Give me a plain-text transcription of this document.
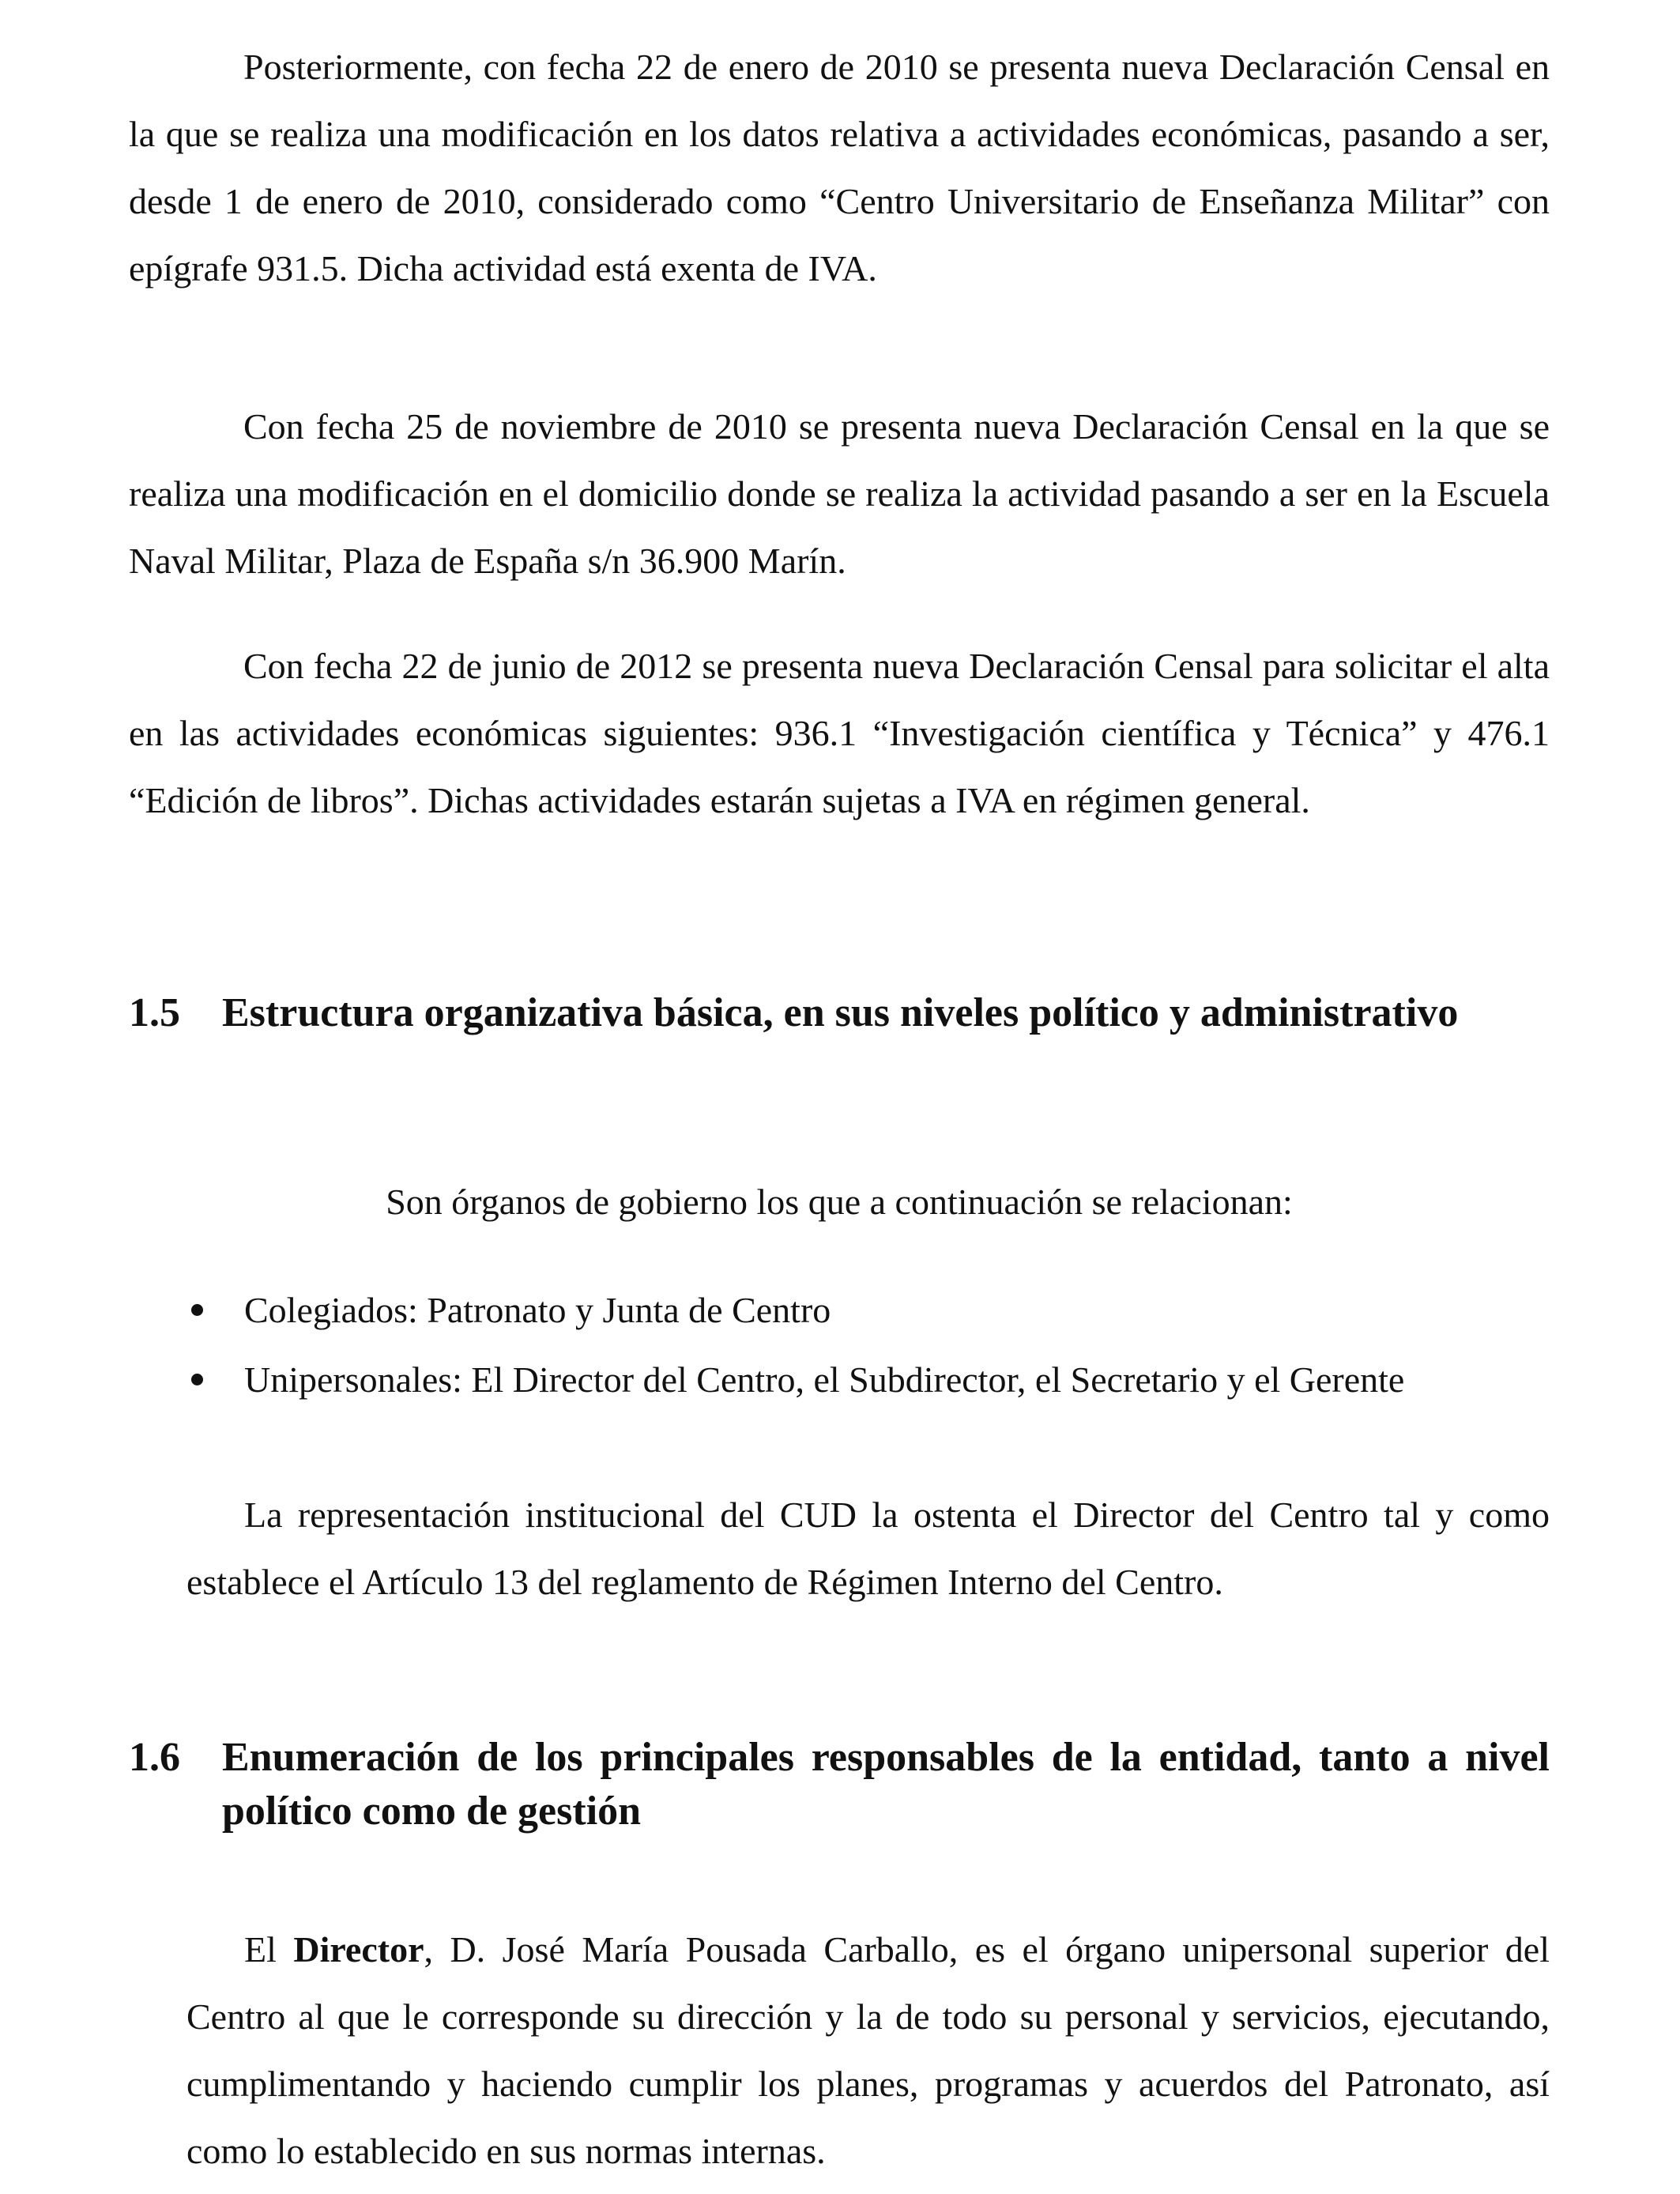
Posteriormente, con fecha 22 de enero de 2010 se presenta nueva Declaración Censal en la que se realiza una modificación en los datos relativa a actividades económicas, pasando a ser, desde 1 de enero de 2010, considerado como “Centro Universitario de Enseñanza Militar” con epígrafe 931.5. Dicha actividad está exenta de IVA.

Con fecha 25 de noviembre de 2010 se presenta nueva Declaración Censal en la que se realiza una modificación en el domicilio donde se realiza la actividad pasando a ser en la Escuela Naval Militar, Plaza de España s/n 36.900 Marín.

Con fecha 22 de junio de 2012 se presenta nueva Declaración Censal para solicitar el alta en las actividades económicas siguientes: 936.1 “Investigación científica y Técnica” y 476.1 “Edición de libros”. Dichas actividades estarán sujetas a IVA en régimen general.

1.5 Estructura organizativa básica, en sus niveles político y administrativo

Son órganos de gobierno los que a continuación se relacionan:

Colegiados: Patronato y Junta de Centro
Unipersonales: El Director del Centro, el Subdirector, el Secretario y el Gerente

La representación institucional del CUD la ostenta el Director del Centro tal y como establece el Artículo 13 del reglamento de Régimen Interno del Centro.

1.6 Enumeración de los principales responsables de la entidad, tanto a nivel político como de gestión

El Director, D. José María Pousada Carballo, es el órgano unipersonal superior del Centro al que le corresponde su dirección y la de todo su personal y servicios, ejecutando, cumplimentando y haciendo cumplir los planes, programas y acuerdos del Patronato, así como lo establecido en sus normas internas.
